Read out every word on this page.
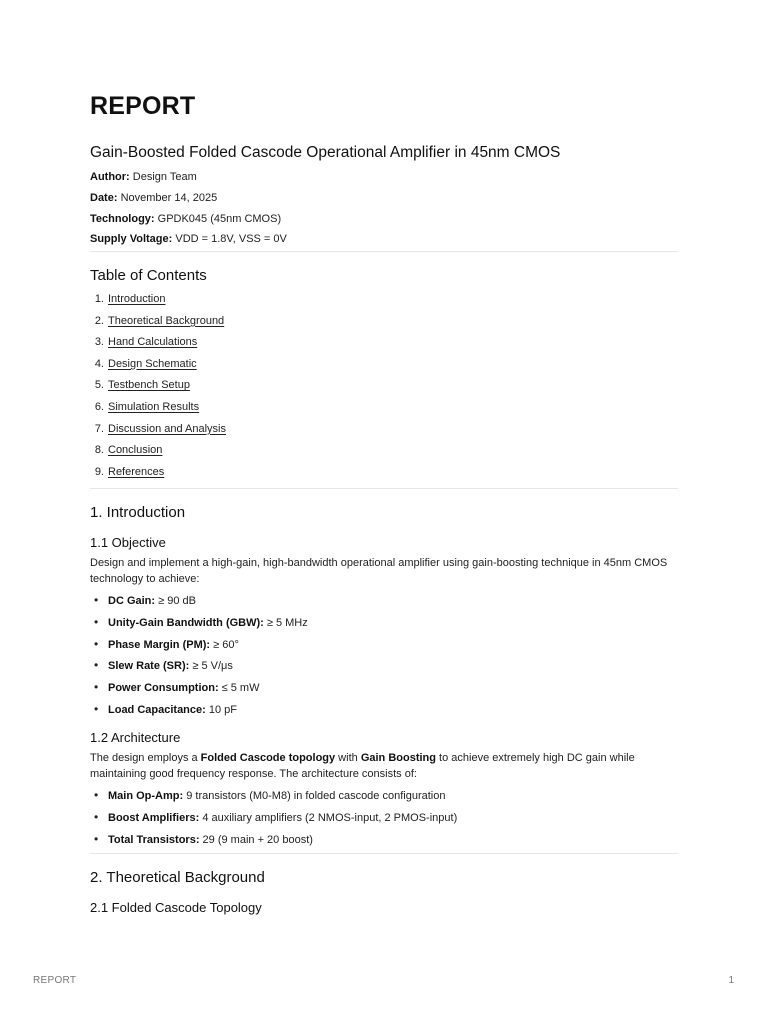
REPORT
Gain-Boosted Folded Cascode Operational Amplifier in 45nm CMOS
Author: Design Team
Date: November 14, 2025
Technology: GPDK045 (45nm CMOS)
Supply Voltage: VDD = 1.8V, VSS = 0V
Table of Contents
1. Introduction
2. Theoretical Background
3. Hand Calculations
4. Design Schematic
5. Testbench Setup
6. Simulation Results
7. Discussion and Analysis
8. Conclusion
9. References
1. Introduction
1.1 Objective

Design and implement a high-gain, high-bandwidth operational amplifier using gain-boosting technique in 45nm CMOS technology to achieve:

• DC Gain: ≥ 90 dB
• Unity-Gain Bandwidth (GBW): ≥ 5 MHz
• Phase Margin (PM): ≥ 60°
• Slew Rate (SR): ≥ 5 V/μs
• Power Consumption: ≤ 5 mW
• Load Capacitance: 10 pF
1.2 Architecture

The design employs a Folded Cascode topology with Gain Boosting to achieve extremely high DC gain while maintaining good frequency response. The architecture consists of:

• Main Op-Amp: 9 transistors (M0-M8) in folded cascode configuration
• Boost Amplifiers: 4 auxiliary amplifiers (2 NMOS-input, 2 PMOS-input)
• Total Transistors: 29 (9 main + 20 boost)
2. Theoretical Background
2.1 Folded Cascode Topology
REPORT	1
